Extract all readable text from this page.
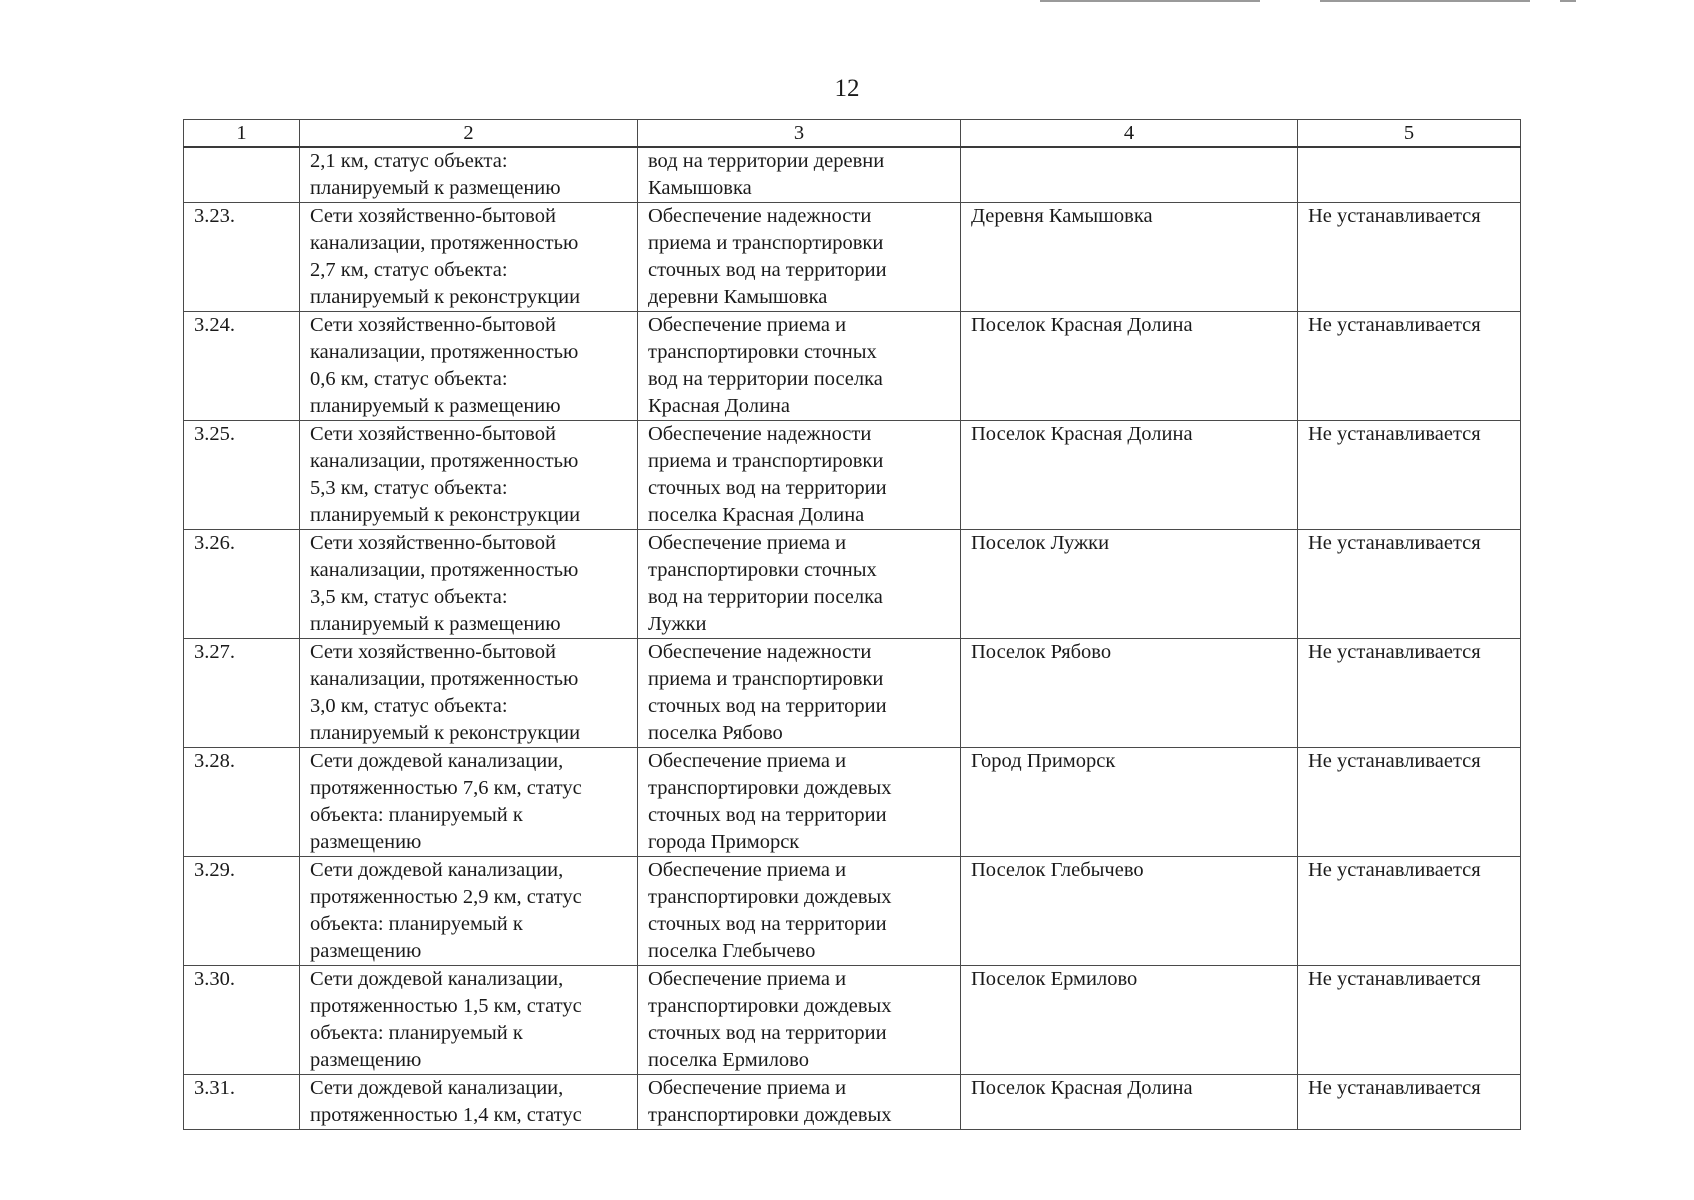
12
1	2	3	4	5

	2,1 км, статус объекта:
планируемый к размещению	вод на территории деревни
Камышовка		

3.23.	Сети хозяйственно-бытовой
канализации, протяженностью
2,7 км, статус объекта:
планируемый к реконструкции	Обеспечение надежности
приема и транспортировки
сточных вод на территории
деревни Камышовка	Деревня Камышовка	Не устанавливается
3.24.	Сети хозяйственно-бытовой
канализации, протяженностью
0,6 км, статус объекта:
планируемый к размещению	Обеспечение приема и
транспортировки сточных
вод на территории поселка
Красная Долина	Поселок Красная Долина	Не устанавливается
3.25.	Сети хозяйственно-бытовой
канализации, протяженностью
5,3 км, статус объекта:
планируемый к реконструкции	Обеспечение надежности
приема и транспортировки
сточных вод на территории
поселка Красная Долина	Поселок Красная Долина	Не устанавливается
3.26.	Сети хозяйственно-бытовой
канализации, протяженностью
3,5 км, статус объекта:
планируемый к размещению	Обеспечение приема и
транспортировки сточных
вод на территории поселка
Лужки	Поселок Лужки	Не устанавливается
3.27.	Сети хозяйственно-бытовой
канализации, протяженностью
3,0 км, статус объекта:
планируемый к реконструкции	Обеспечение надежности
приема и транспортировки
сточных вод на территории
поселка Рябово	Поселок Рябово	Не устанавливается
3.28.	Сети дождевой канализации,
протяженностью 7,6 км, статус
объекта: планируемый к
размещению	Обеспечение приема и
транспортировки дождевых
сточных вод на территории
города Приморск	Город Приморск	Не устанавливается
3.29.	Сети дождевой канализации,
протяженностью 2,9 км, статус
объекта: планируемый к
размещению	Обеспечение приема и
транспортировки дождевых
сточных вод на территории
поселка Глебычево	Поселок Глебычево	Не устанавливается
3.30.	Сети дождевой канализации,
протяженностью 1,5 км, статус
объекта: планируемый к
размещению	Обеспечение приема и
транспортировки дождевых
сточных вод на территории
поселка Ермилово	Поселок Ермилово	Не устанавливается
3.31.	Сети дождевой канализации,
протяженностью 1,4 км, статус	Обеспечение приема и
транспортировки дождевых	Поселок Красная Долина	Не устанавливается
